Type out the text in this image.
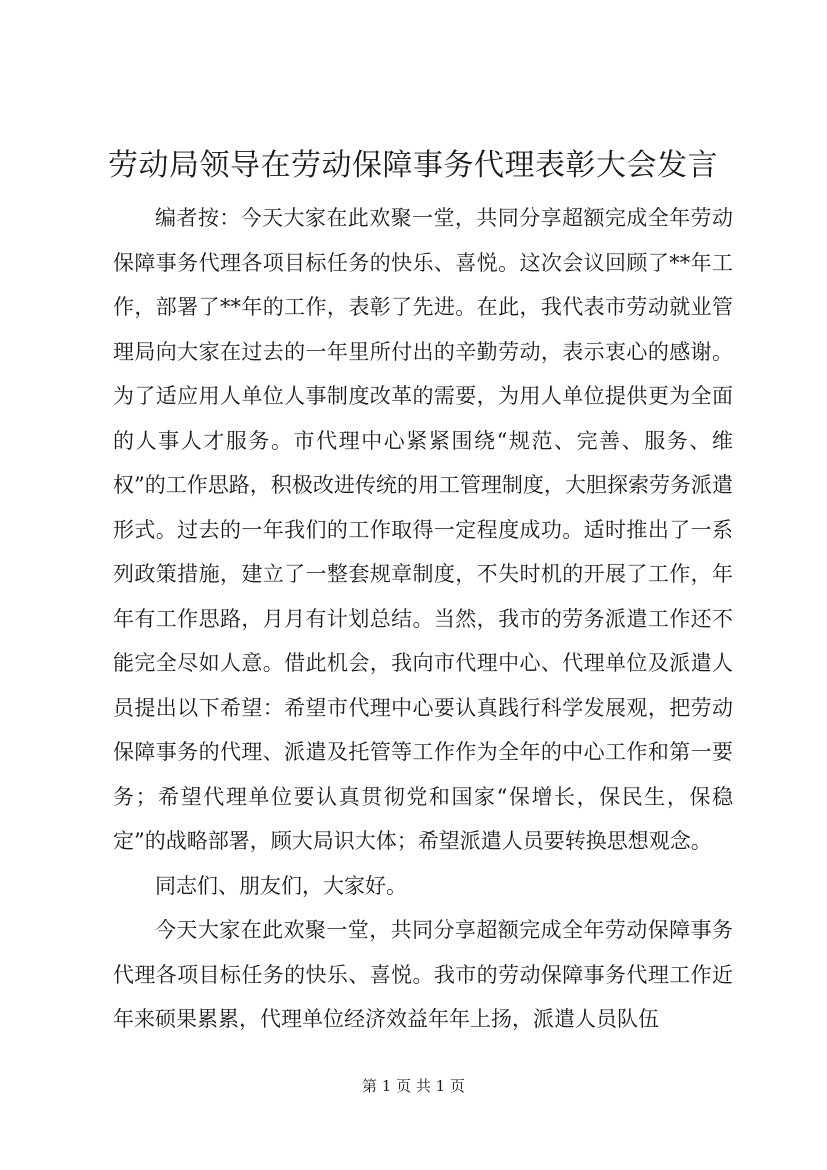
劳动局领导在劳动保障事务代理表彰大会发言

编者按：今天大家在此欢聚一堂，共同分享超额完成全年劳动保障事务代理各项目标任务的快乐、喜悦。这次会议回顾了**年工作，部署了**年的工作，表彰了先进。在此，我代表市劳动就业管理局向大家在过去的一年里所付出的辛勤劳动，表示衷心的感谢。为了适应用人单位人事制度改革的需要，为用人单位提供更为全面的人事人才服务。市代理中心紧紧围绕“规范、完善、服务、维权”的工作思路，积极改进传统的用工管理制度，大胆探索劳务派遣形式。过去的一年我们的工作取得一定程度成功。适时推出了一系列政策措施，建立了一整套规章制度，不失时机的开展了工作，年年有工作思路，月月有计划总结。当然，我市的劳务派遣工作还不能完全尽如人意。借此机会，我向市代理中心、代理单位及派遣人员提出以下希望：希望市代理中心要认真践行科学发展观，把劳动保障事务的代理、派遣及托管等工作作为全年的中心工作和第一要务；希望代理单位要认真贯彻党和国家“保增长，保民生，保稳定”的战略部署，顾大局识大体；希望派遣人员要转换思想观念。

同志们、朋友们，大家好。

今天大家在此欢聚一堂，共同分享超额完成全年劳动保障事务代理各项目标任务的快乐、喜悦。我市的劳动保障事务代理工作近年来硕果累累，代理单位经济效益年年上扬，派遣人员队伍

第 1 页 共 1 页
